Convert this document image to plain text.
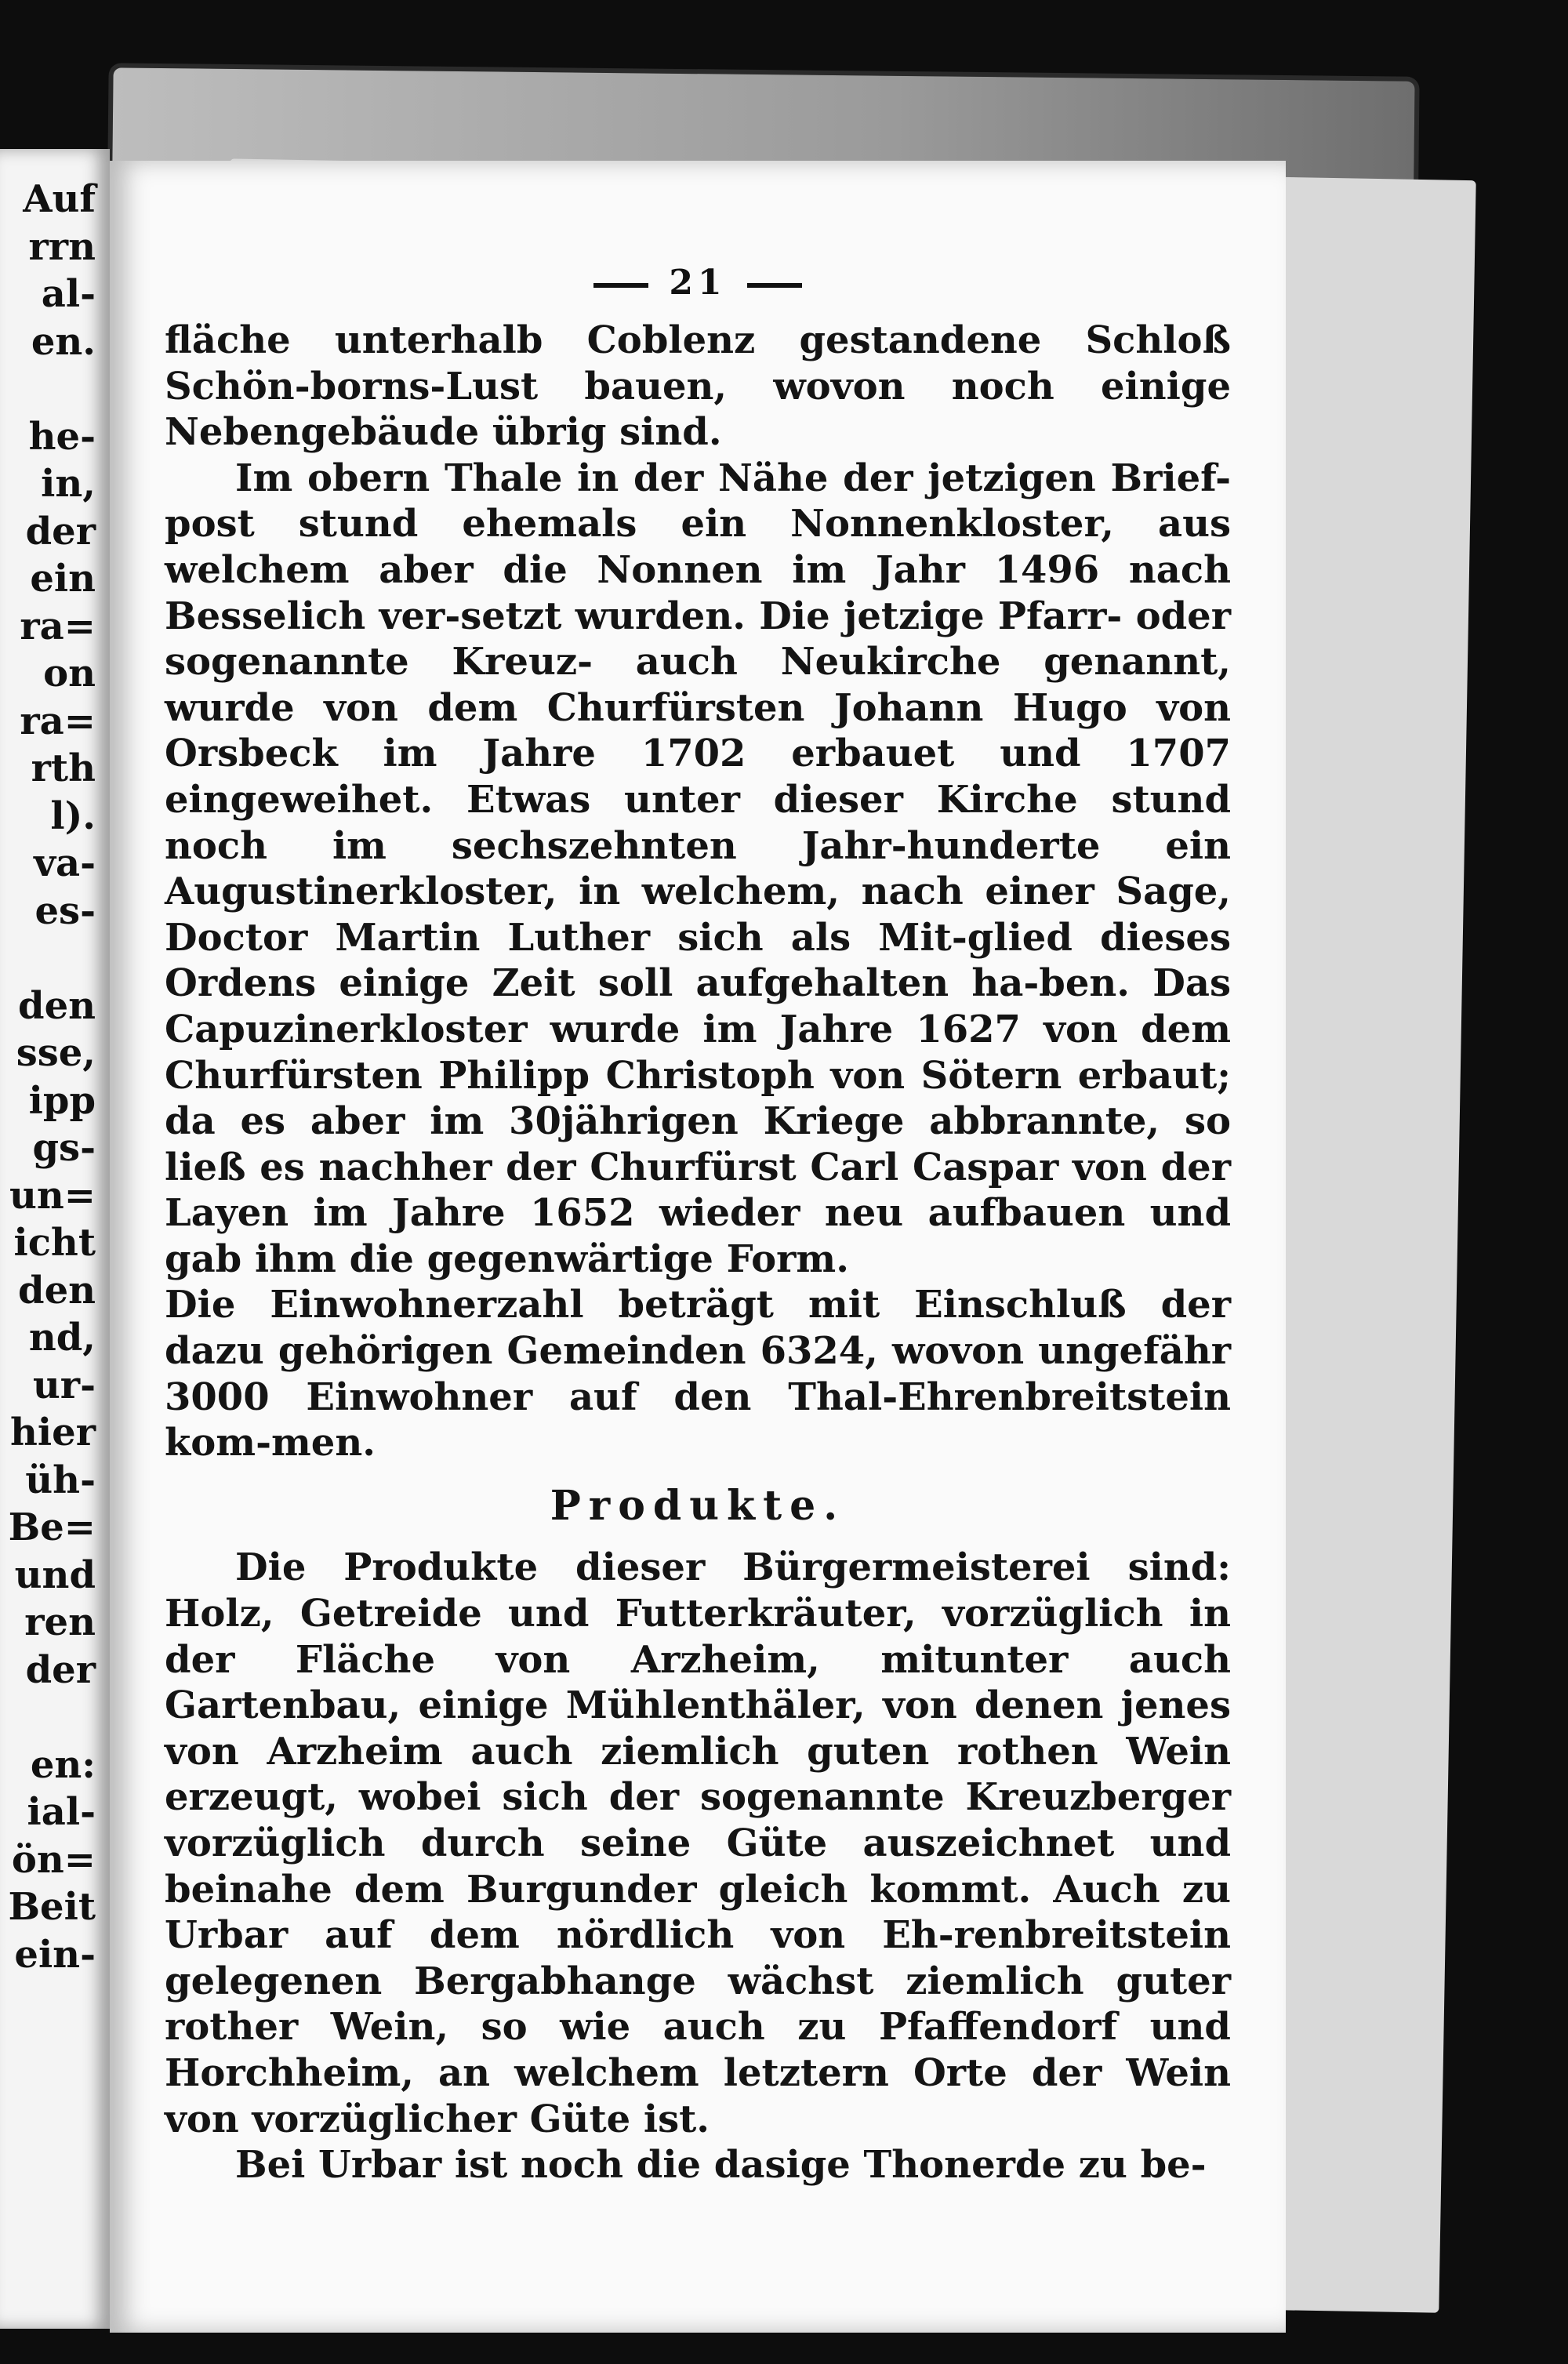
Auf
rrn
al-
en.
he-
in,
der
ein
ra=
on
ra=
rth
l).
va-
es-
den
sse,
ipp
gs-
un=
icht
den
nd,
ur-
hier
üh-
Be=
und
ren
der
en:
ial-
ön=
Beit
ein-
21

fläche unterhalb Coblenz gestandene Schloß Schön-borns-Lust bauen, wovon noch einige Nebengebäude übrig sind.

Im obern Thale in der Nähe der jetzigen Brief-post stund ehemals ein Nonnenkloster, aus welchem aber die Nonnen im Jahr 1496 nach Besselich ver-setzt wurden. Die jetzige Pfarr- oder sogenannte Kreuz- auch Neukirche genannt, wurde von dem Churfürsten Johann Hugo von Orsbeck im Jahre 1702 erbauet und 1707 eingeweihet. Etwas unter dieser Kirche stund noch im sechszehnten Jahr-hunderte ein Augustinerkloster, in welchem, nach einer Sage, Doctor Martin Luther sich als Mit-glied dieses Ordens einige Zeit soll aufgehalten ha-ben. Das Capuzinerkloster wurde im Jahre 1627 von dem Churfürsten Philipp Christoph von Sötern erbaut; da es aber im 30jährigen Kriege abbrannte, so ließ es nachher der Churfürst Carl Caspar von der Layen im Jahre 1652 wieder neu aufbauen und gab ihm die gegenwärtige Form.

Die Einwohnerzahl beträgt mit Einschluß der dazu gehörigen Gemeinden 6324, wovon ungefähr 3000 Einwohner auf den Thal-Ehrenbreitstein kom-men.

Produkte.

Die Produkte dieser Bürgermeisterei sind: Holz, Getreide und Futterkräuter, vorzüglich in der Fläche von Arzheim, mitunter auch Gartenbau, einige Mühlenthäler, von denen jenes von Arzheim auch ziemlich guten rothen Wein erzeugt, wobei sich der sogenannte Kreuzberger vorzüglich durch seine Güte auszeichnet und beinahe dem Burgunder gleich kommt. Auch zu Urbar auf dem nördlich von Eh-renbreitstein gelegenen Bergabhange wächst ziemlich guter rother Wein, so wie auch zu Pfaffendorf und Horchheim, an welchem letztern Orte der Wein von vorzüglicher Güte ist.

Bei Urbar ist noch die dasige Thonerde zu be-
